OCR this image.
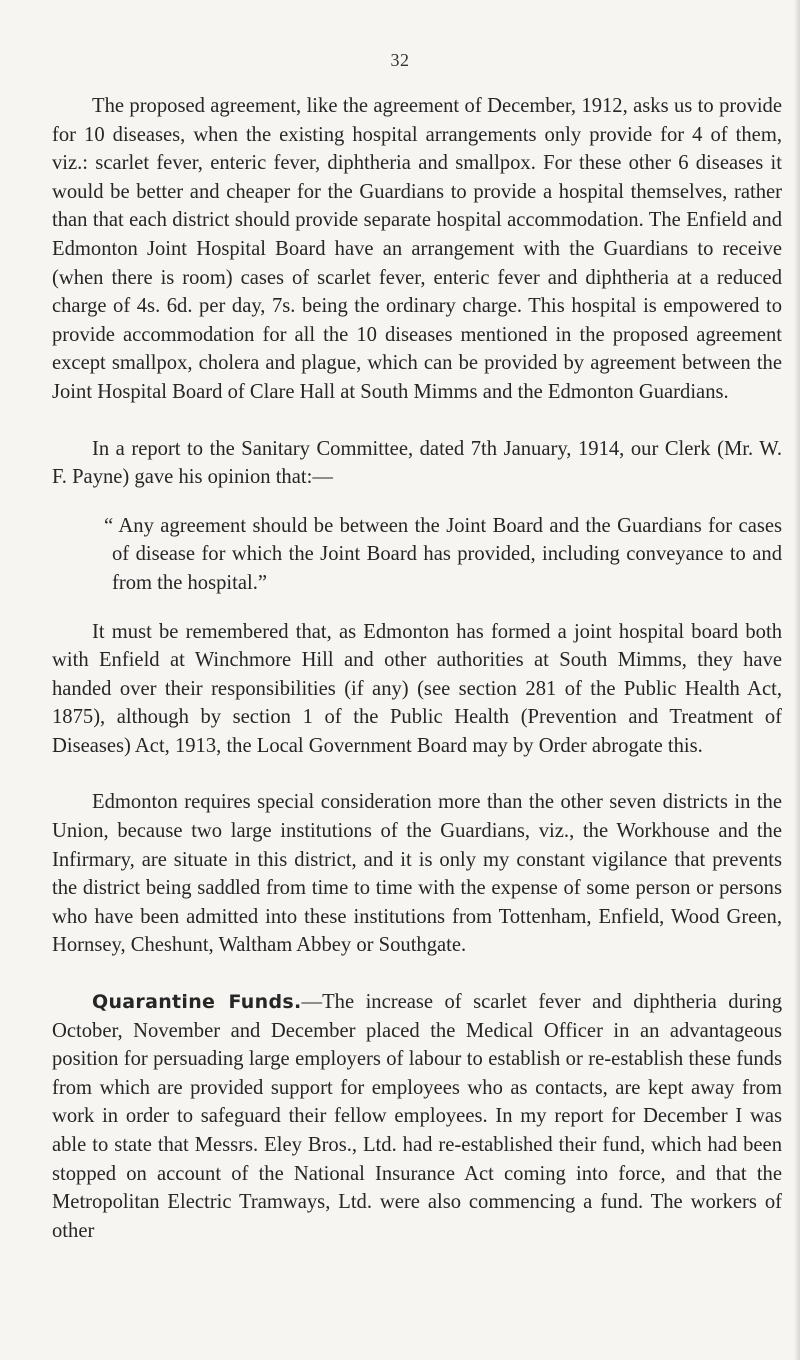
32

The proposed agreement, like the agreement of December, 1912, asks us to provide for 10 diseases, when the existing hospital arrangements only provide for 4 of them, viz.: scarlet fever, enteric fever, diphtheria and smallpox. For these other 6 diseases it would be better and cheaper for the Guardians to provide a hospital themselves, rather than that each district should provide separate hospital accommodation. The Enfield and Edmonton Joint Hospital Board have an arrangement with the Guardians to receive (when there is room) cases of scarlet fever, enteric fever and diphtheria at a reduced charge of 4s. 6d. per day, 7s. being the ordinary charge. This hospital is empowered to provide accommodation for all the 10 diseases mentioned in the proposed agreement except smallpox, cholera and plague, which can be provided by agreement between the Joint Hospital Board of Clare Hall at South Mimms and the Edmonton Guardians.

In a report to the Sanitary Committee, dated 7th January, 1914, our Clerk (Mr. W. F. Payne) gave his opinion that:—

“ Any agreement should be between the Joint Board and the Guardians for cases of disease for which the Joint Board has provided, including conveyance to and from the hospital.”

It must be remembered that, as Edmonton has formed a joint hospital board both with Enfield at Winchmore Hill and other authorities at South Mimms, they have handed over their responsibilities (if any) (see section 281 of the Public Health Act, 1875), although by section 1 of the Public Health (Prevention and Treatment of Diseases) Act, 1913, the Local Government Board may by Order abrogate this.

Edmonton requires special consideration more than the other seven districts in the Union, because two large institutions of the Guardians, viz., the Workhouse and the Infirmary, are situate in this district, and it is only my constant vigilance that prevents the district being saddled from time to time with the expense of some person or persons who have been admitted into these institutions from Tottenham, Enfield, Wood Green, Hornsey, Cheshunt, Waltham Abbey or Southgate.

Quarantine Funds.—The increase of scarlet fever and diphtheria during October, November and December placed the Medical Officer in an advantageous position for persuading large employers of labour to establish or re-establish these funds from which are provided support for employees who as contacts, are kept away from work in order to safeguard their fellow employees. In my report for December I was able to state that Messrs. Eley Bros., Ltd. had re-established their fund, which had been stopped on account of the National Insurance Act coming into force, and that the Metropolitan Electric Tramways, Ltd. were also commencing a fund. The workers of other
